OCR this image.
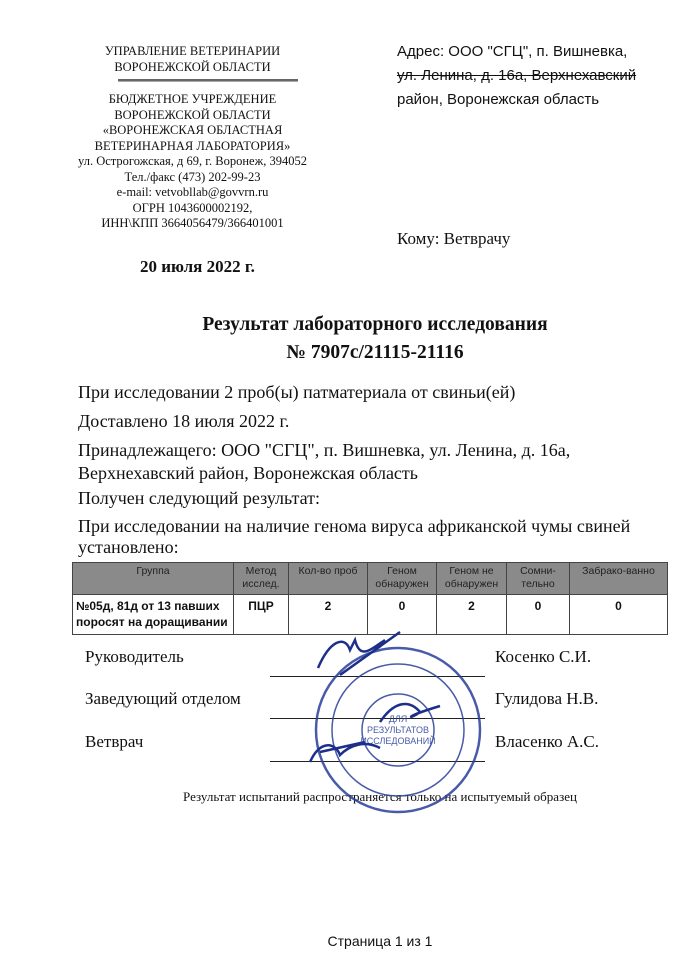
УПРАВЛЕНИЕ ВЕТЕРИНАРИИ
ВОРОНЕЖСКОЙ ОБЛАСТИ
БЮДЖЕТНОЕ УЧРЕЖДЕНИЕ
ВОРОНЕЖСКОЙ ОБЛАСТИ
«ВОРОНЕЖСКАЯ ОБЛАСТНАЯ
ВЕТЕРИНАРНАЯ ЛАБОРАТОРИЯ»
ул. Острогожская, д 69, г. Воронеж, 394052
Тел./факс (473) 202-99-23
e-mail: vetvobllab@govvrn.ru
ОГРН 1043600002192,
ИНН\КПП 3664056479/366401001
20 июля 2022 г.
Адрес: ООО "СГЦ", п. Вишневка,
ул. Ленина, д. 16а, Верхнехавский
район, Воронежская область
Кому: Ветврачу
Результат лабораторного исследования
№ 7907с/21115-21116
При исследовании 2 проб(ы) патматериала от свиньи(ей)
Доставлено 18 июля 2022 г.
Принадлежащего: ООО "СГЦ", п. Вишневка, ул. Ленина, д. 16а, Верхнехавский район, Воронежская область
Получен следующий результат:
При исследовании на наличие генома вируса африканской чумы свиней установлено:
Группа	Метод исслед.	Кол-во проб	Геном обнаружен	Геном не обнаружен	Сомни-тельно	Забрако-ванно
№05д, 81д от 13 павших поросят на доращивании	ПЦР	2	0	2	0	0
Руководитель	Косенко С.И.
Заведующий отделом	Гулидова Н.В.
Ветврач	Власенко А.С.
Результат испытаний распространяется только на испытуемый образец
Страница 1 из 1
ДЛЯ
РЕЗУЛЬТАТОВ
ИССЛЕДОВАНИЙ
